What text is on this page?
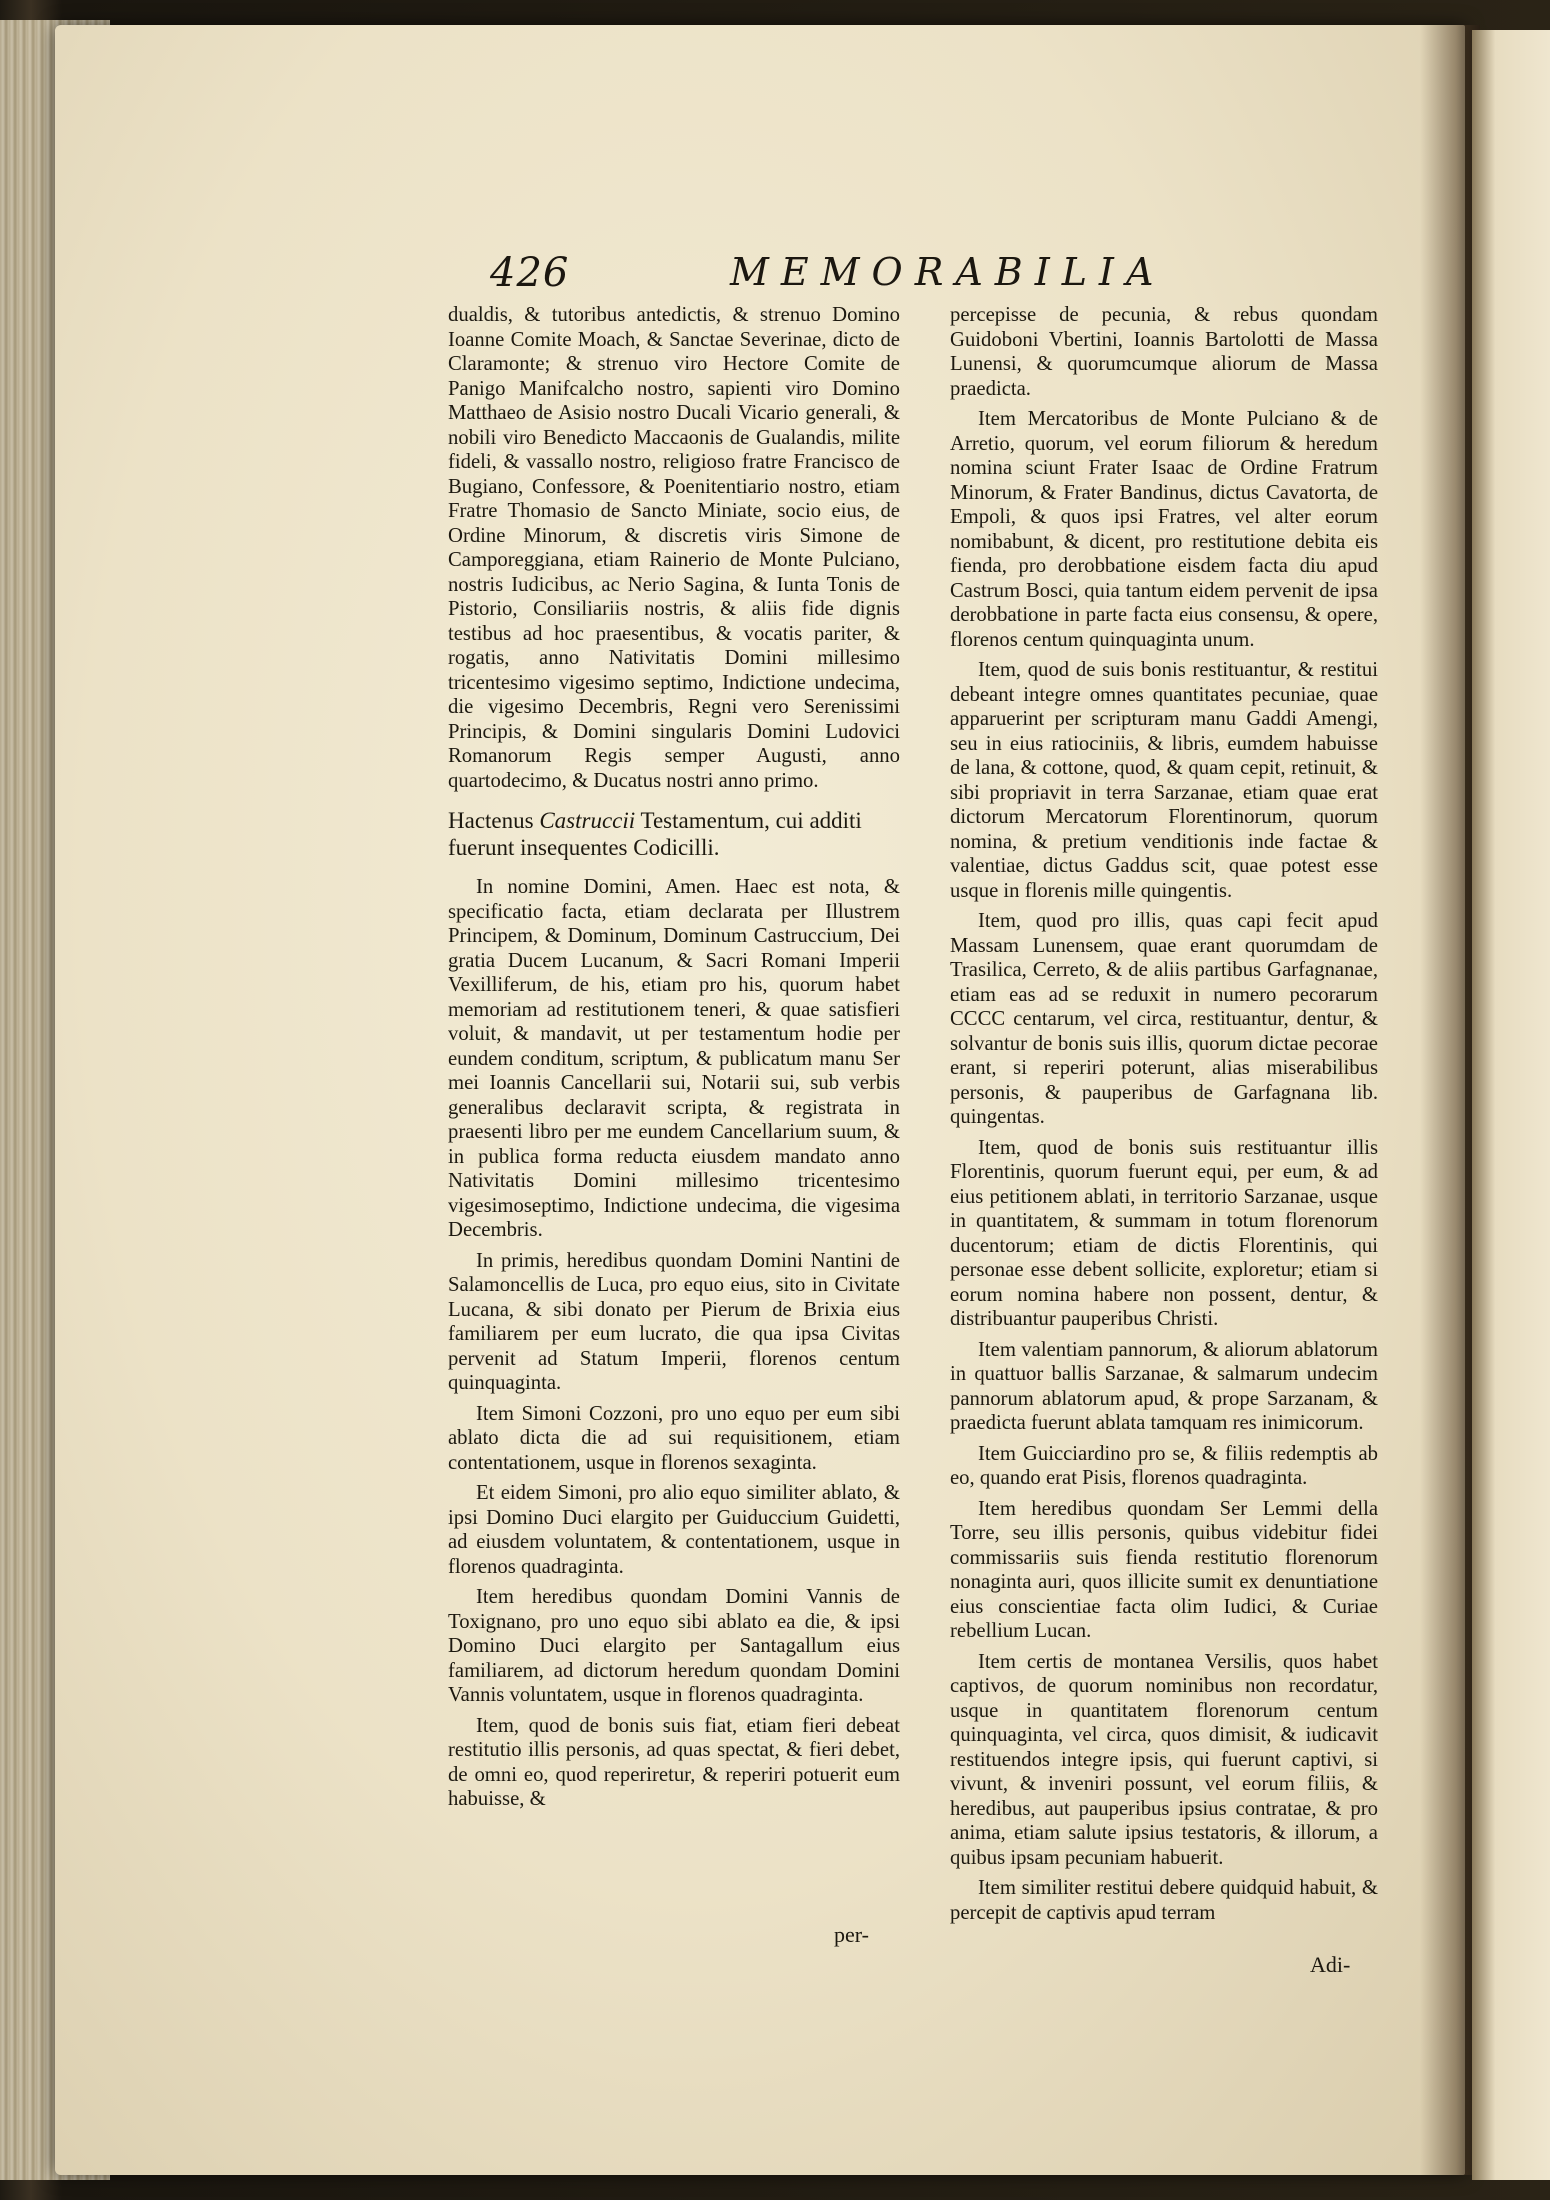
426	MEMORABILIA

dualdis, & tutoribus antedictis, & strenuo Domino Ioanne Comite Moach, & Sanctae Severinae, dicto de Claramonte; & strenuo viro Hectore Comite de Panigo Manifcalcho nostro, sapienti viro Domino Matthaeo de Asisio nostro Ducali Vicario generali, & nobili viro Benedicto Maccaonis de Gualandis, milite fideli, & vassallo nostro, religioso fratre Francisco de Bugiano, Confessore, & Poenitentiario nostro, etiam Fratre Thomasio de Sancto Miniate, socio eius, de Ordine Minorum, & discretis viris Simone de Camporeggiana, etiam Rainerio de Monte Pulciano, nostris Iudicibus, ac Nerio Sagina, & Iunta Tonis de Pistorio, Consiliariis nostris, & aliis fide dignis testibus ad hoc praesentibus, & vocatis pariter, & rogatis, anno Nativitatis Domini millesimo tricentesimo vigesimo septimo, Indictione undecima, die vigesimo Decembris, Regni vero Serenissimi Principis, & Domini singularis Domini Ludovici Romanorum Regis semper Augusti, anno quartodecimo, & Ducatus nostri anno primo.

Hactenus Castruccii Testamentum, cui additi fuerunt insequentes Codicilli.

In nomine Domini, Amen. Haec est nota, & specificatio facta, etiam declarata per Illustrem Principem, & Dominum, Dominum Castruccium, Dei gratia Ducem Lucanum, & Sacri Romani Imperii Vexilliferum, de his, etiam pro his, quorum habet memoriam ad restitutionem teneri, & quae satisfieri voluit, & mandavit, ut per testamentum hodie per eundem conditum, scriptum, & publicatum manu Ser mei Ioannis Cancellarii sui, Notarii sui, sub verbis generalibus declaravit scripta, & registrata in praesenti libro per me eundem Cancellarium suum, & in publica forma reducta eiusdem mandato anno Nativitatis Domini millesimo tricentesimo vigesimoseptimo, Indictione undecima, die vigesima Decembris.

In primis, heredibus quondam Domini Nantini de Salamoncellis de Luca, pro equo eius, sito in Civitate Lucana, & sibi donato per Pierum de Brixia eius familiarem per eum lucrato, die qua ipsa Civitas pervenit ad Statum Imperii, florenos centum quinquaginta.

Item Simoni Cozzoni, pro uno equo per eum sibi ablato dicta die ad sui requisitionem, etiam contentationem, usque in florenos sexaginta.

Et eidem Simoni, pro alio equo similiter ablato, & ipsi Domino Duci elargito per Guiduccium Guidetti, ad eiusdem voluntatem, & contentationem, usque in florenos quadraginta.

Item heredibus quondam Domini Vannis de Toxignano, pro uno equo sibi ablato ea die, & ipsi Domino Duci elargito per Santagallum eius familiarem, ad dictorum heredum quondam Domini Vannis voluntatem, usque in florenos quadraginta.

Item, quod de bonis suis fiat, etiam fieri debeat restitutio illis personis, ad quas spectat, & fieri debet, de omni eo, quod reperiretur, & reperiri potuerit eum habuisse, &

per-

percepisse de pecunia, & rebus quondam Guidoboni Vbertini, Ioannis Bartolotti de Massa Lunensi, & quorumcumque aliorum de Massa praedicta.

Item Mercatoribus de Monte Pulciano & de Arretio, quorum, vel eorum filiorum & heredum nomina sciunt Frater Isaac de Ordine Fratrum Minorum, & Frater Bandinus, dictus Cavatorta, de Empoli, & quos ipsi Fratres, vel alter eorum nomibabunt, & dicent, pro restitutione debita eis fienda, pro derobbatione eisdem facta diu apud Castrum Bosci, quia tantum eidem pervenit de ipsa derobbatione in parte facta eius consensu, & opere, florenos centum quinquaginta unum.

Item, quod de suis bonis restituantur, & restitui debeant integre omnes quantitates pecuniae, quae apparuerint per scripturam manu Gaddi Amengi, seu in eius ratiociniis, & libris, eumdem habuisse de lana, & cottone, quod, & quam cepit, retinuit, & sibi propriavit in terra Sarzanae, etiam quae erat dictorum Mercatorum Florentinorum, quorum nomina, & pretium venditionis inde factae & valentiae, dictus Gaddus scit, quae potest esse usque in florenis mille quingentis.

Item, quod pro illis, quas capi fecit apud Massam Lunensem, quae erant quorumdam de Trasilica, Cerreto, & de aliis partibus Garfagnanae, etiam eas ad se reduxit in numero pecorarum CCCC centarum, vel circa, restituantur, dentur, & solvantur de bonis suis illis, quorum dictae pecorae erant, si reperiri poterunt, alias miserabilibus personis, & pauperibus de Garfagnana lib. quingentas.

Item, quod de bonis suis restituantur illis Florentinis, quorum fuerunt equi, per eum, & ad eius petitionem ablati, in territorio Sarzanae, usque in quantitatem, & summam in totum florenorum ducentorum; etiam de dictis Florentinis, qui personae esse debent sollicite, exploretur; etiam si eorum nomina habere non possent, dentur, & distribuantur pauperibus Christi.

Item valentiam pannorum, & aliorum ablatorum in quattuor ballis Sarzanae, & salmarum undecim pannorum ablatorum apud, & prope Sarzanam, & praedicta fuerunt ablata tamquam res inimicorum.

Item Guicciardino pro se, & filiis redemptis ab eo, quando erat Pisis, florenos quadraginta.

Item heredibus quondam Ser Lemmi della Torre, seu illis personis, quibus videbitur fidei commissariis suis fienda restitutio florenorum nonaginta auri, quos illicite sumit ex denuntiatione eius conscientiae facta olim Iudici, & Curiae rebellium Lucan.

Item certis de montanea Versilis, quos habet captivos, de quorum nominibus non recordatur, usque in quantitatem florenorum centum quinquaginta, vel circa, quos dimisit, & iudicavit restituendos integre ipsis, qui fuerunt captivi, si vivunt, & inveniri possunt, vel eorum filiis, & heredibus, aut pauperibus ipsius contratae, & pro anima, etiam salute ipsius testatoris, & illorum, a quibus ipsam pecuniam habuerit.

Item similiter restitui debere quidquid habuit, & percepit de captivis apud terram

Adi-
